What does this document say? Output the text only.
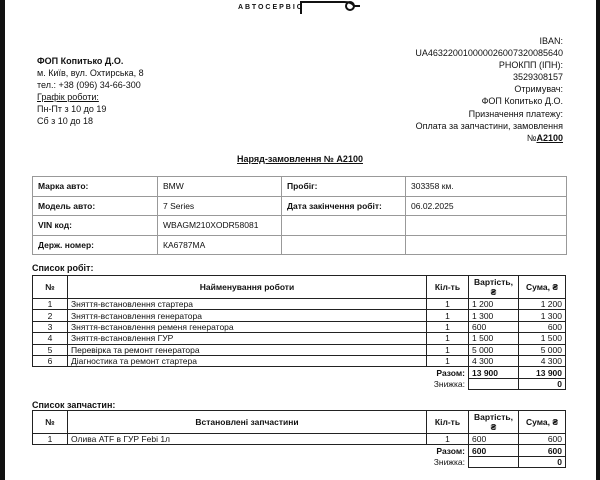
АВТОСЕРВІС
ФОП Копитько Д.О.
м. Київ, вул. Охтирська, 8
тел.: +38 (096) 34-66-300
Графік роботи:
Пн-Пт з 10 до 19
Сб з 10 до 18
IBAN:
UA463220010000026007320085640
РНОКПП (ІПН):
3529308157
Отримувач:
ФОП Копитько Д.О.
Призначення платежу:
Оплата за запчастини, замовлення
№А2100
Наряд-замовлення № А2100
Марка авто:	BMW	Пробіг:	303358 км.
Модель авто:	7 Series	Дата закінчення робіт:	06.02.2025
VIN код:	WBAGM210XODR58081		
Держ. номер:	КА6787МА		
Список робіт:
№	Найменування роботи	Кіл-ть	Вартість, ₴	Сума, ₴
1	Зняття-встановлення стартера	1	1 200	1 200
2	Зняття-встановлення генератора	1	1 300	1 300
3	Зняття-встановлення ременя генератора	1	600	600
4	Зняття-встановлення ГУР	1	1 500	1 500
5	Перевірка та ремонт генератора	1	5 000	5 000
6	Діагностика та ремонт стартера	1	4 300	4 300
Разом:			13 900	13 900
Знижка:				0
Список запчастин:
№	Встановлені запчастини	Кіл-ть	Вартість, ₴	Сума, ₴
1	Олива ATF в ГУР Febi 1л	1	600	600
Разом:			600	600
Знижка:				0
